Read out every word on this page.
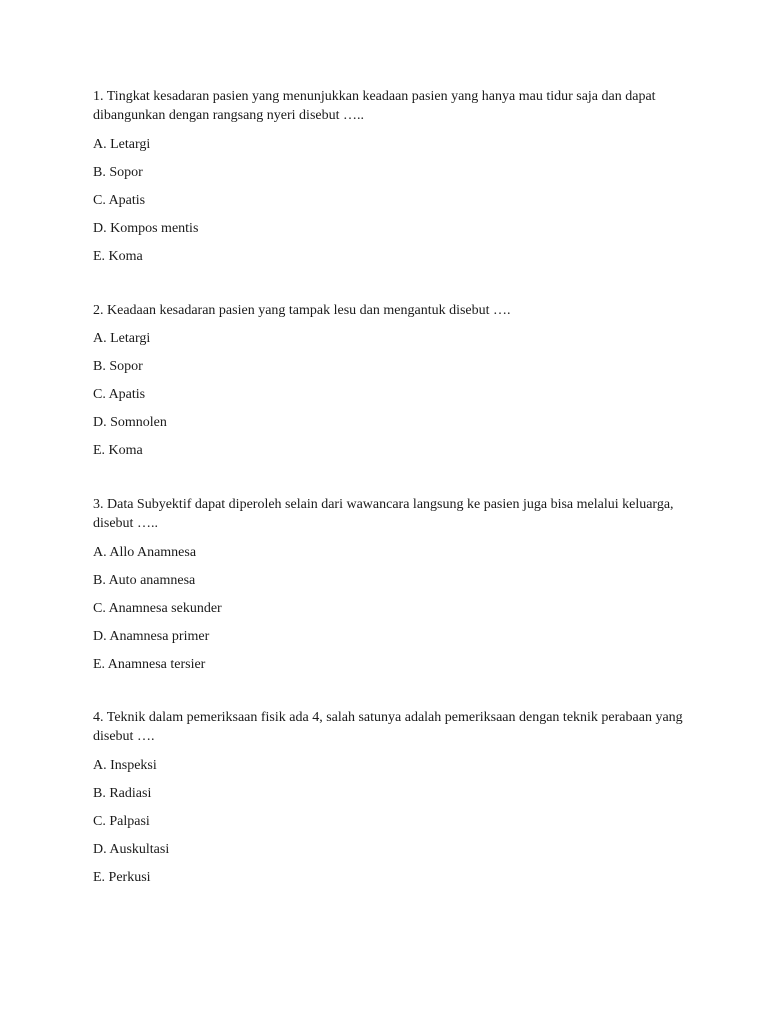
1. Tingkat kesadaran pasien yang menunjukkan keadaan pasien yang hanya mau tidur saja dan dapat dibangunkan dengan rangsang nyeri disebut …..

A. Letargi
B. Sopor
C. Apatis
D. Kompos mentis
E. Koma

2. Keadaan kesadaran pasien yang tampak lesu dan mengantuk disebut ….

A. Letargi
B. Sopor
C. Apatis
D. Somnolen
E. Koma

3. Data Subyektif dapat diperoleh selain dari wawancara langsung ke pasien juga bisa melalui keluarga, disebut …..

A. Allo Anamnesa
B. Auto anamnesa
C. Anamnesa sekunder
D. Anamnesa primer
E. Anamnesa tersier

4. Teknik dalam pemeriksaan fisik ada 4, salah satunya adalah pemeriksaan dengan teknik perabaan yang disebut ….

A. Inspeksi
B. Radiasi
C. Palpasi
D. Auskultasi
E. Perkusi
